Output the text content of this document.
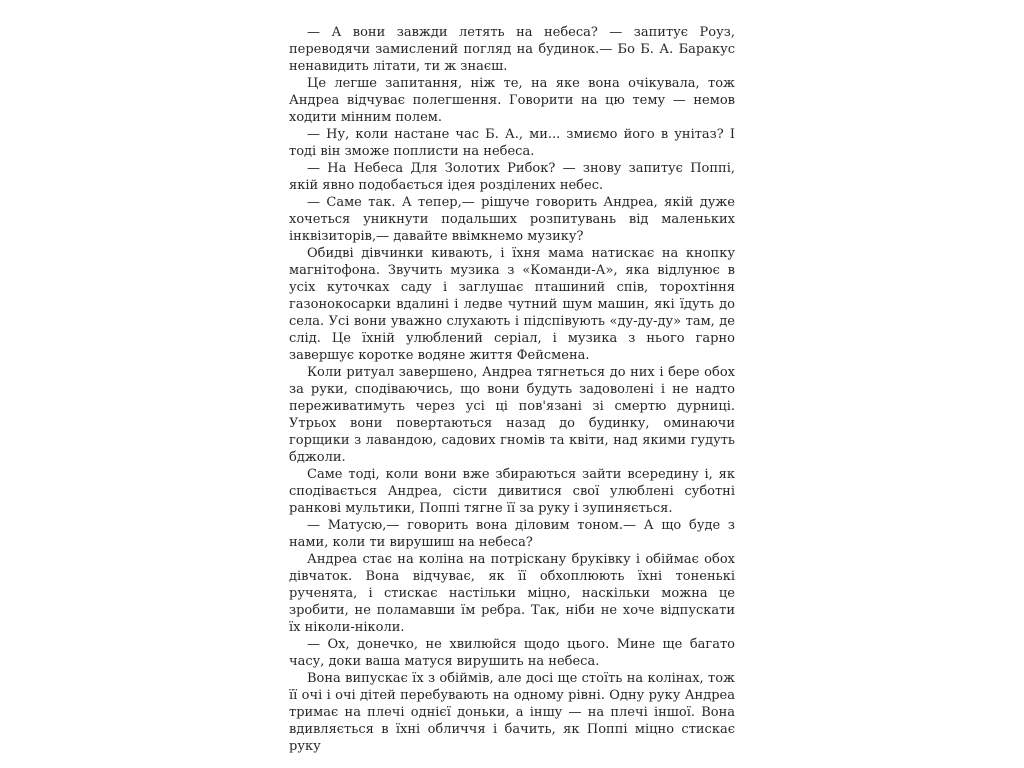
— А вони завжди летять на небеса? — запитує Роуз, переводячи замислений погляд на будинок.— Бо Б. А. Баракус ненавидить літати, ти ж знаєш.

Це легше запитання, ніж те, на яке вона очікувала, тож Андреа відчуває полегшення. Говорити на цю тему — немов ходити мінним полем.

— Ну, коли настане час Б. А., ми... змиємо його в унітаз? І тоді він зможе поплисти на небеса.

— На Небеса Для Золотих Рибок? — знову запитує Поппі, якій явно подобається ідея розділених небес.

— Саме так. А тепер,— рішуче говорить Андреа, якій дуже хочеться уникнути подальших розпитувань від маленьких інквізиторів,— давайте ввімкнемо музику?

Обидві дівчинки кивають, і їхня мама натискає на кнопку магнітофона. Звучить музика з «Команди-А», яка відлунює в усіх куточках саду і заглушає пташиний спів, торохтіння газонокосарки вдалині і ледве чутний шум машин, які їдуть до села. Усі вони уважно слухають і підспівують «ду-ду-ду» там, де слід. Це їхній улюблений серіал, і музика з нього гарно завершує коротке водяне життя Фейсмена.

Коли ритуал завершено, Андреа тягнеться до них і бере обох за руки, сподіваючись, що вони будуть задоволені і не надто переживатимуть через усі ці пов'язані зі смертю дурниці. Утрьох вони повертаються назад до будинку, оминаючи горщики з лавандою, садових гномів та квіти, над якими гудуть бджоли.

Саме тоді, коли вони вже збираються зайти всередину і, як сподівається Андреа, сісти дивитися свої улюблені суботні ранкові мультики, Поппі тягне її за руку і зупиняється.

— Матусю,— говорить вона діловим тоном.— А що буде з нами, коли ти вирушиш на небеса?

Андреа стає на коліна на потріскану бруківку і обіймає обох дівчаток. Вона відчуває, як її обхоплюють їхні тоненькі рученята, і стискає настільки міцно, наскільки можна це зробити, не поламавши їм ребра. Так, ніби не хоче відпускати їх ніколи-ніколи.

— Ох, донечко, не хвилюйся щодо цього. Мине ще багато часу, доки ваша матуся вирушить на небеса.

Вона випускає їх з обіймів, але досі ще стоїть на колінах, тож її очі і очі дітей перебувають на одному рівні. Одну руку Андреа тримає на плечі однієї доньки, а іншу — на плечі іншої. Вона вдивляється в їхні обличчя і бачить, як Поппі міцно стискає руку
